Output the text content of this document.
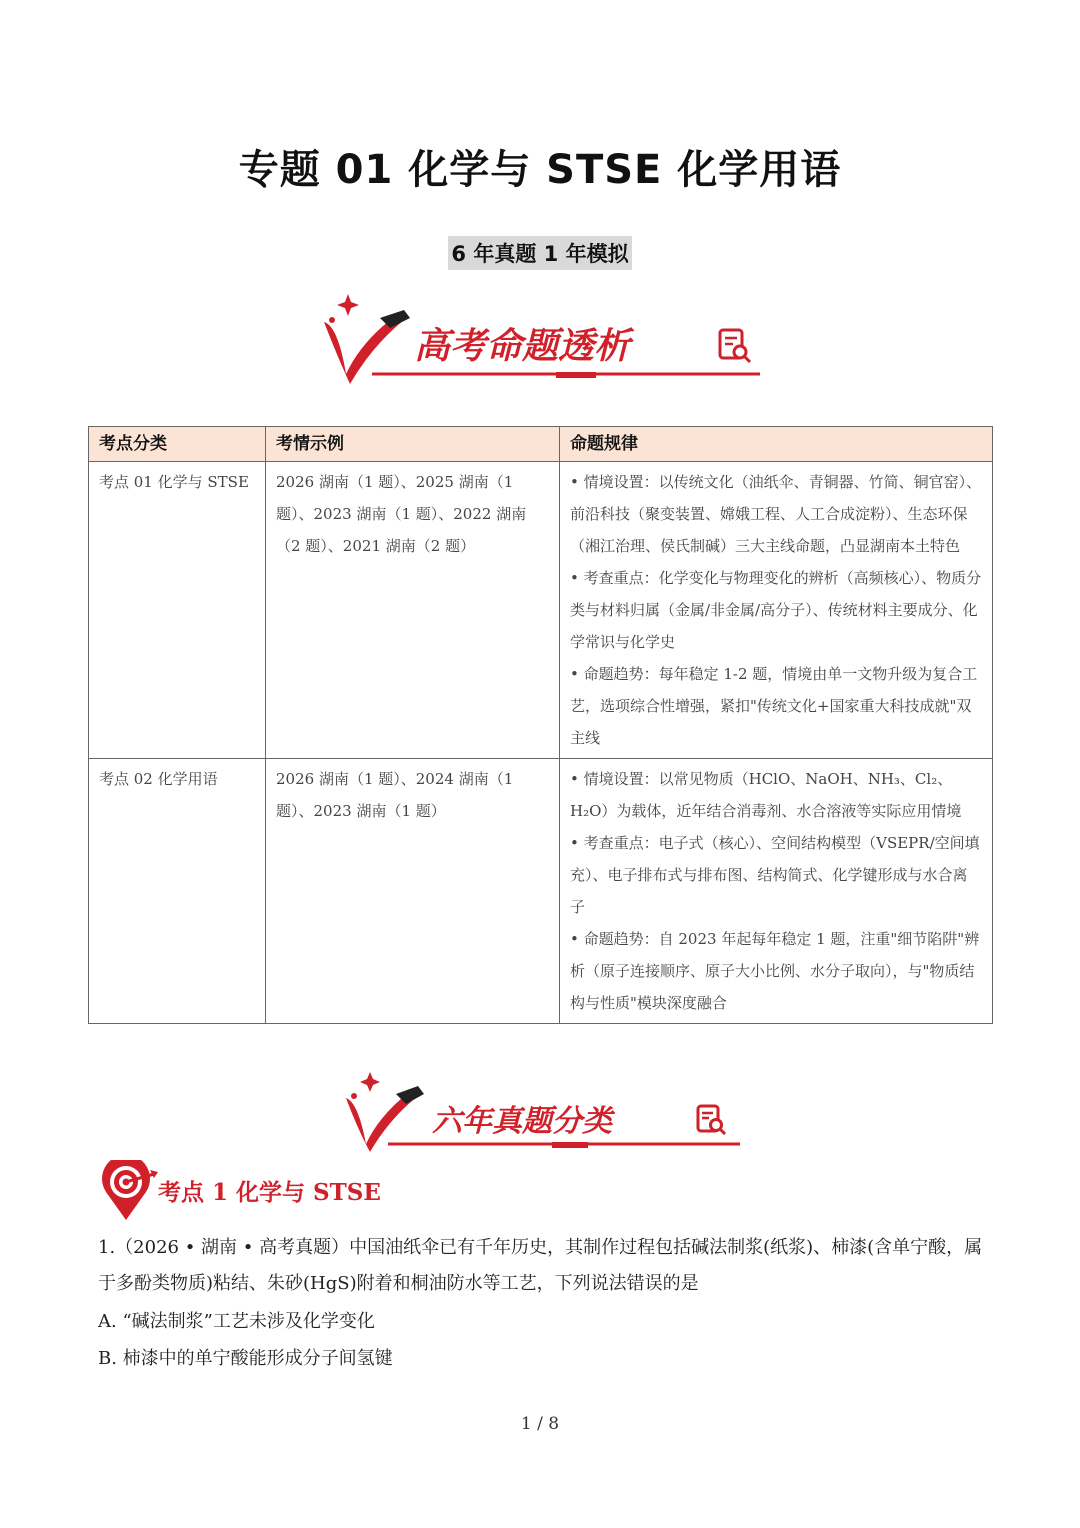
专题 01 化学与 STSE 化学用语
6 年真题 1 年模拟
高考命题透析
考点分类	考情示例	命题规律
考点 01 化学与 STSE	2026 湖南（1 题）、2025 湖南（1 题）、2023 湖南（1 题）、2022 湖南（2 题）、2021 湖南（2 题）	• 情境设置：以传统文化（油纸伞、青铜器、竹简、铜官窑）、前沿科技（聚变装置、嫦娥工程、人工合成淀粉）、生态环保（湘江治理、侯氏制碱）三大主线命题，凸显湖南本土特色
• 考查重点：化学变化与物理变化的辨析（高频核心）、物质分类与材料归属（金属/非金属/高分子）、传统材料主要成分、化学常识与化学史
• 命题趋势：每年稳定 1-2 题，情境由单一文物升级为复合工艺，选项综合性增强，紧扣"传统文化+国家重大科技成就"双主线

考点 02 化学用语	2026 湖南（1 题）、2024 湖南（1 题）、2023 湖南（1 题）	• 情境设置：以常见物质（HClO、NaOH、NH₃、Cl₂、H₂O）为载体，近年结合消毒剂、水合溶液等实际应用情境
• 考查重点：电子式（核心）、空间结构模型（VSEPR/空间填充）、电子排布式与排布图、结构简式、化学键形成与水合离子
• 命题趋势：自 2023 年起每年稳定 1 题，注重"细节陷阱"辨析（原子连接顺序、原子大小比例、水分子取向），与"物质结构与性质"模块深度融合
六年真题分类
考点 1 化学与 STSE
1.（2026 • 湖南 • 高考真题）中国油纸伞已有千年历史，其制作过程包括碱法制浆(纸浆)、柿漆(含单宁酸，属于多酚类物质)粘结、朱砂(HgS)附着和桐油防水等工艺，下列说法错误的是
A. “碱法制浆”工艺未涉及化学变化
B. 柿漆中的单宁酸能形成分子间氢键
1 / 8
